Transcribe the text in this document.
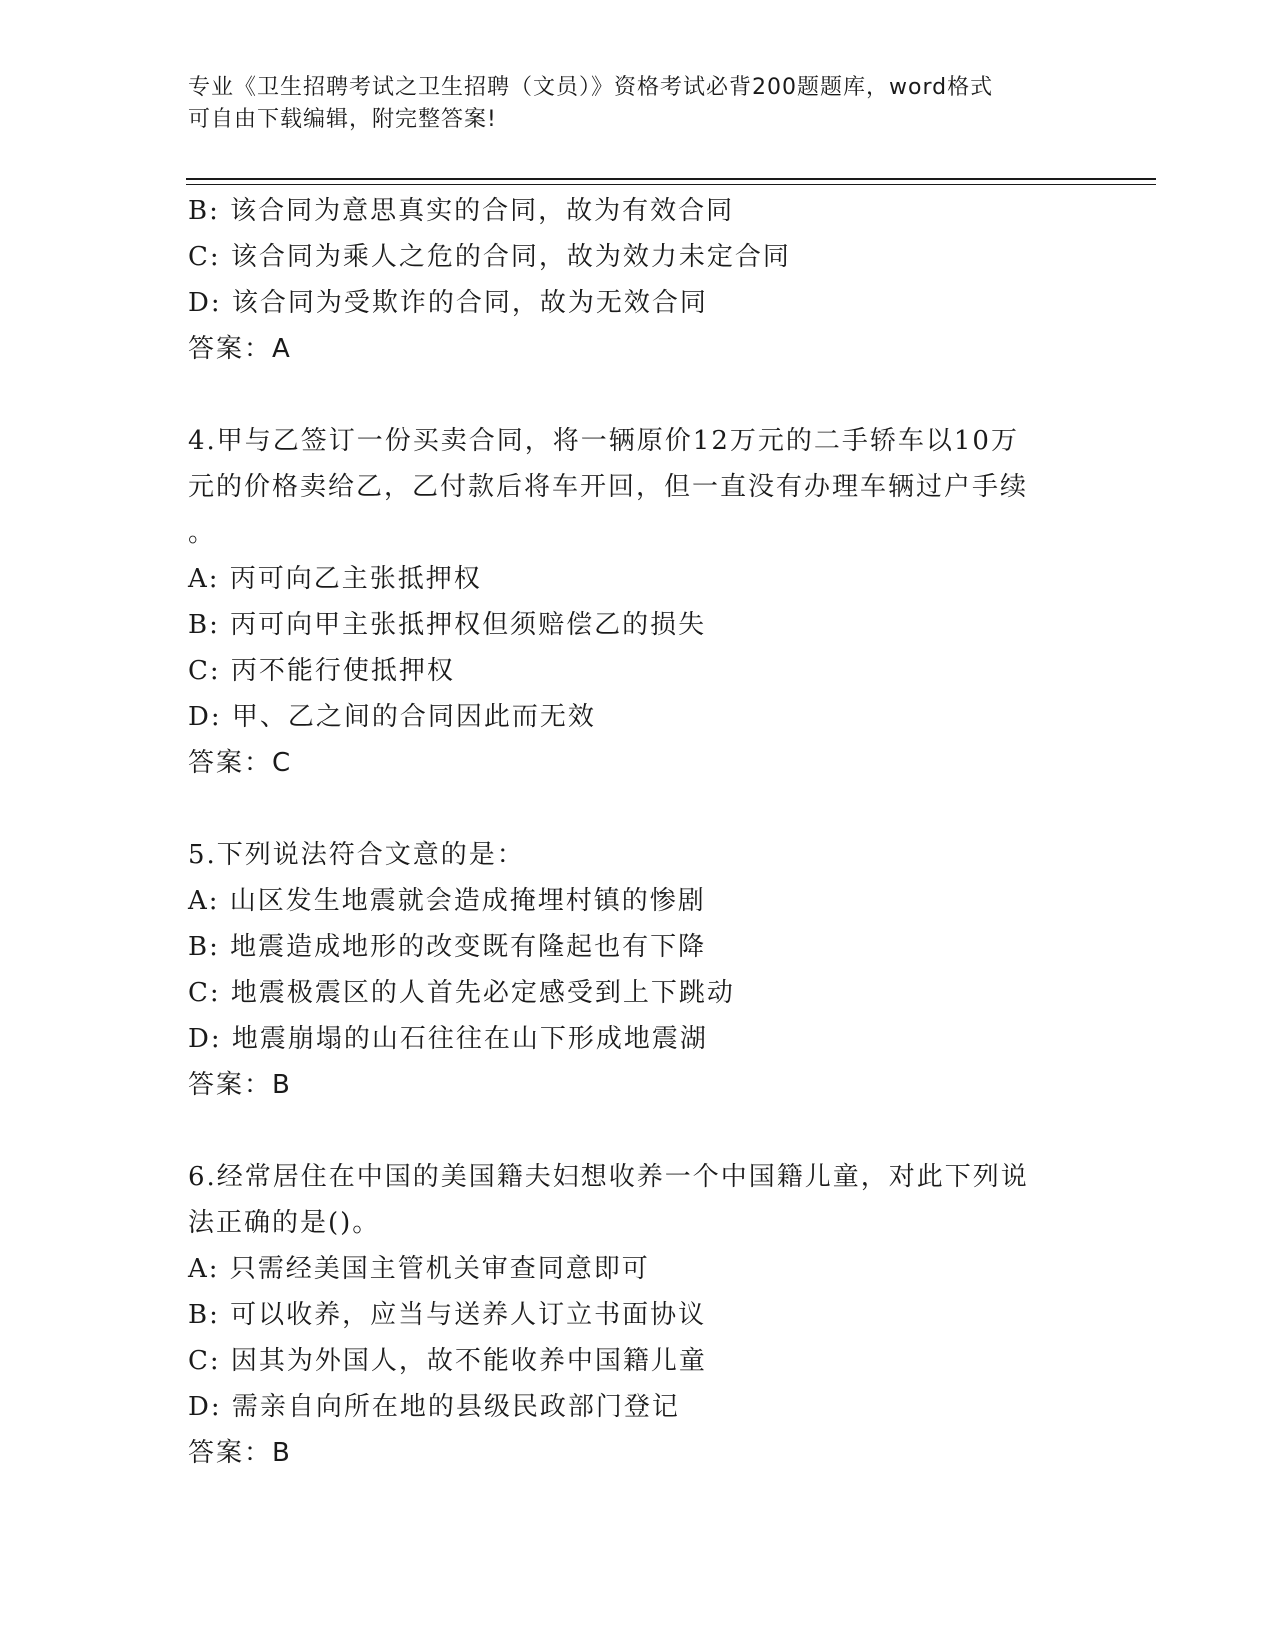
专业《卫生招聘考试之卫生招聘（文员）》资格考试必背200题题库，word格式
可自由下载编辑，附完整答案!
B: 该合同为意思真实的合同，故为有效合同
C: 该合同为乘人之危的合同，故为效力未定合同
D: 该合同为受欺诈的合同，故为无效合同
答案：A
4.甲与乙签订一份买卖合同，将一辆原价12万元的二手轿车以10万
元的价格卖给乙，乙付款后将车开回，但一直没有办理车辆过户手续
。
A: 丙可向乙主张抵押权
B: 丙可向甲主张抵押权但须赔偿乙的损失
C: 丙不能行使抵押权
D: 甲、乙之间的合同因此而无效
答案：C
5.下列说法符合文意的是：
A: 山区发生地震就会造成掩埋村镇的惨剧
B: 地震造成地形的改变既有隆起也有下降
C: 地震极震区的人首先必定感受到上下跳动
D: 地震崩塌的山石往往在山下形成地震湖
答案：B
6.经常居住在中国的美国籍夫妇想收养一个中国籍儿童，对此下列说
法正确的是()。
A: 只需经美国主管机关审查同意即可
B: 可以收养，应当与送养人订立书面协议
C: 因其为外国人，故不能收养中国籍儿童
D: 需亲自向所在地的县级民政部门登记
答案：B
